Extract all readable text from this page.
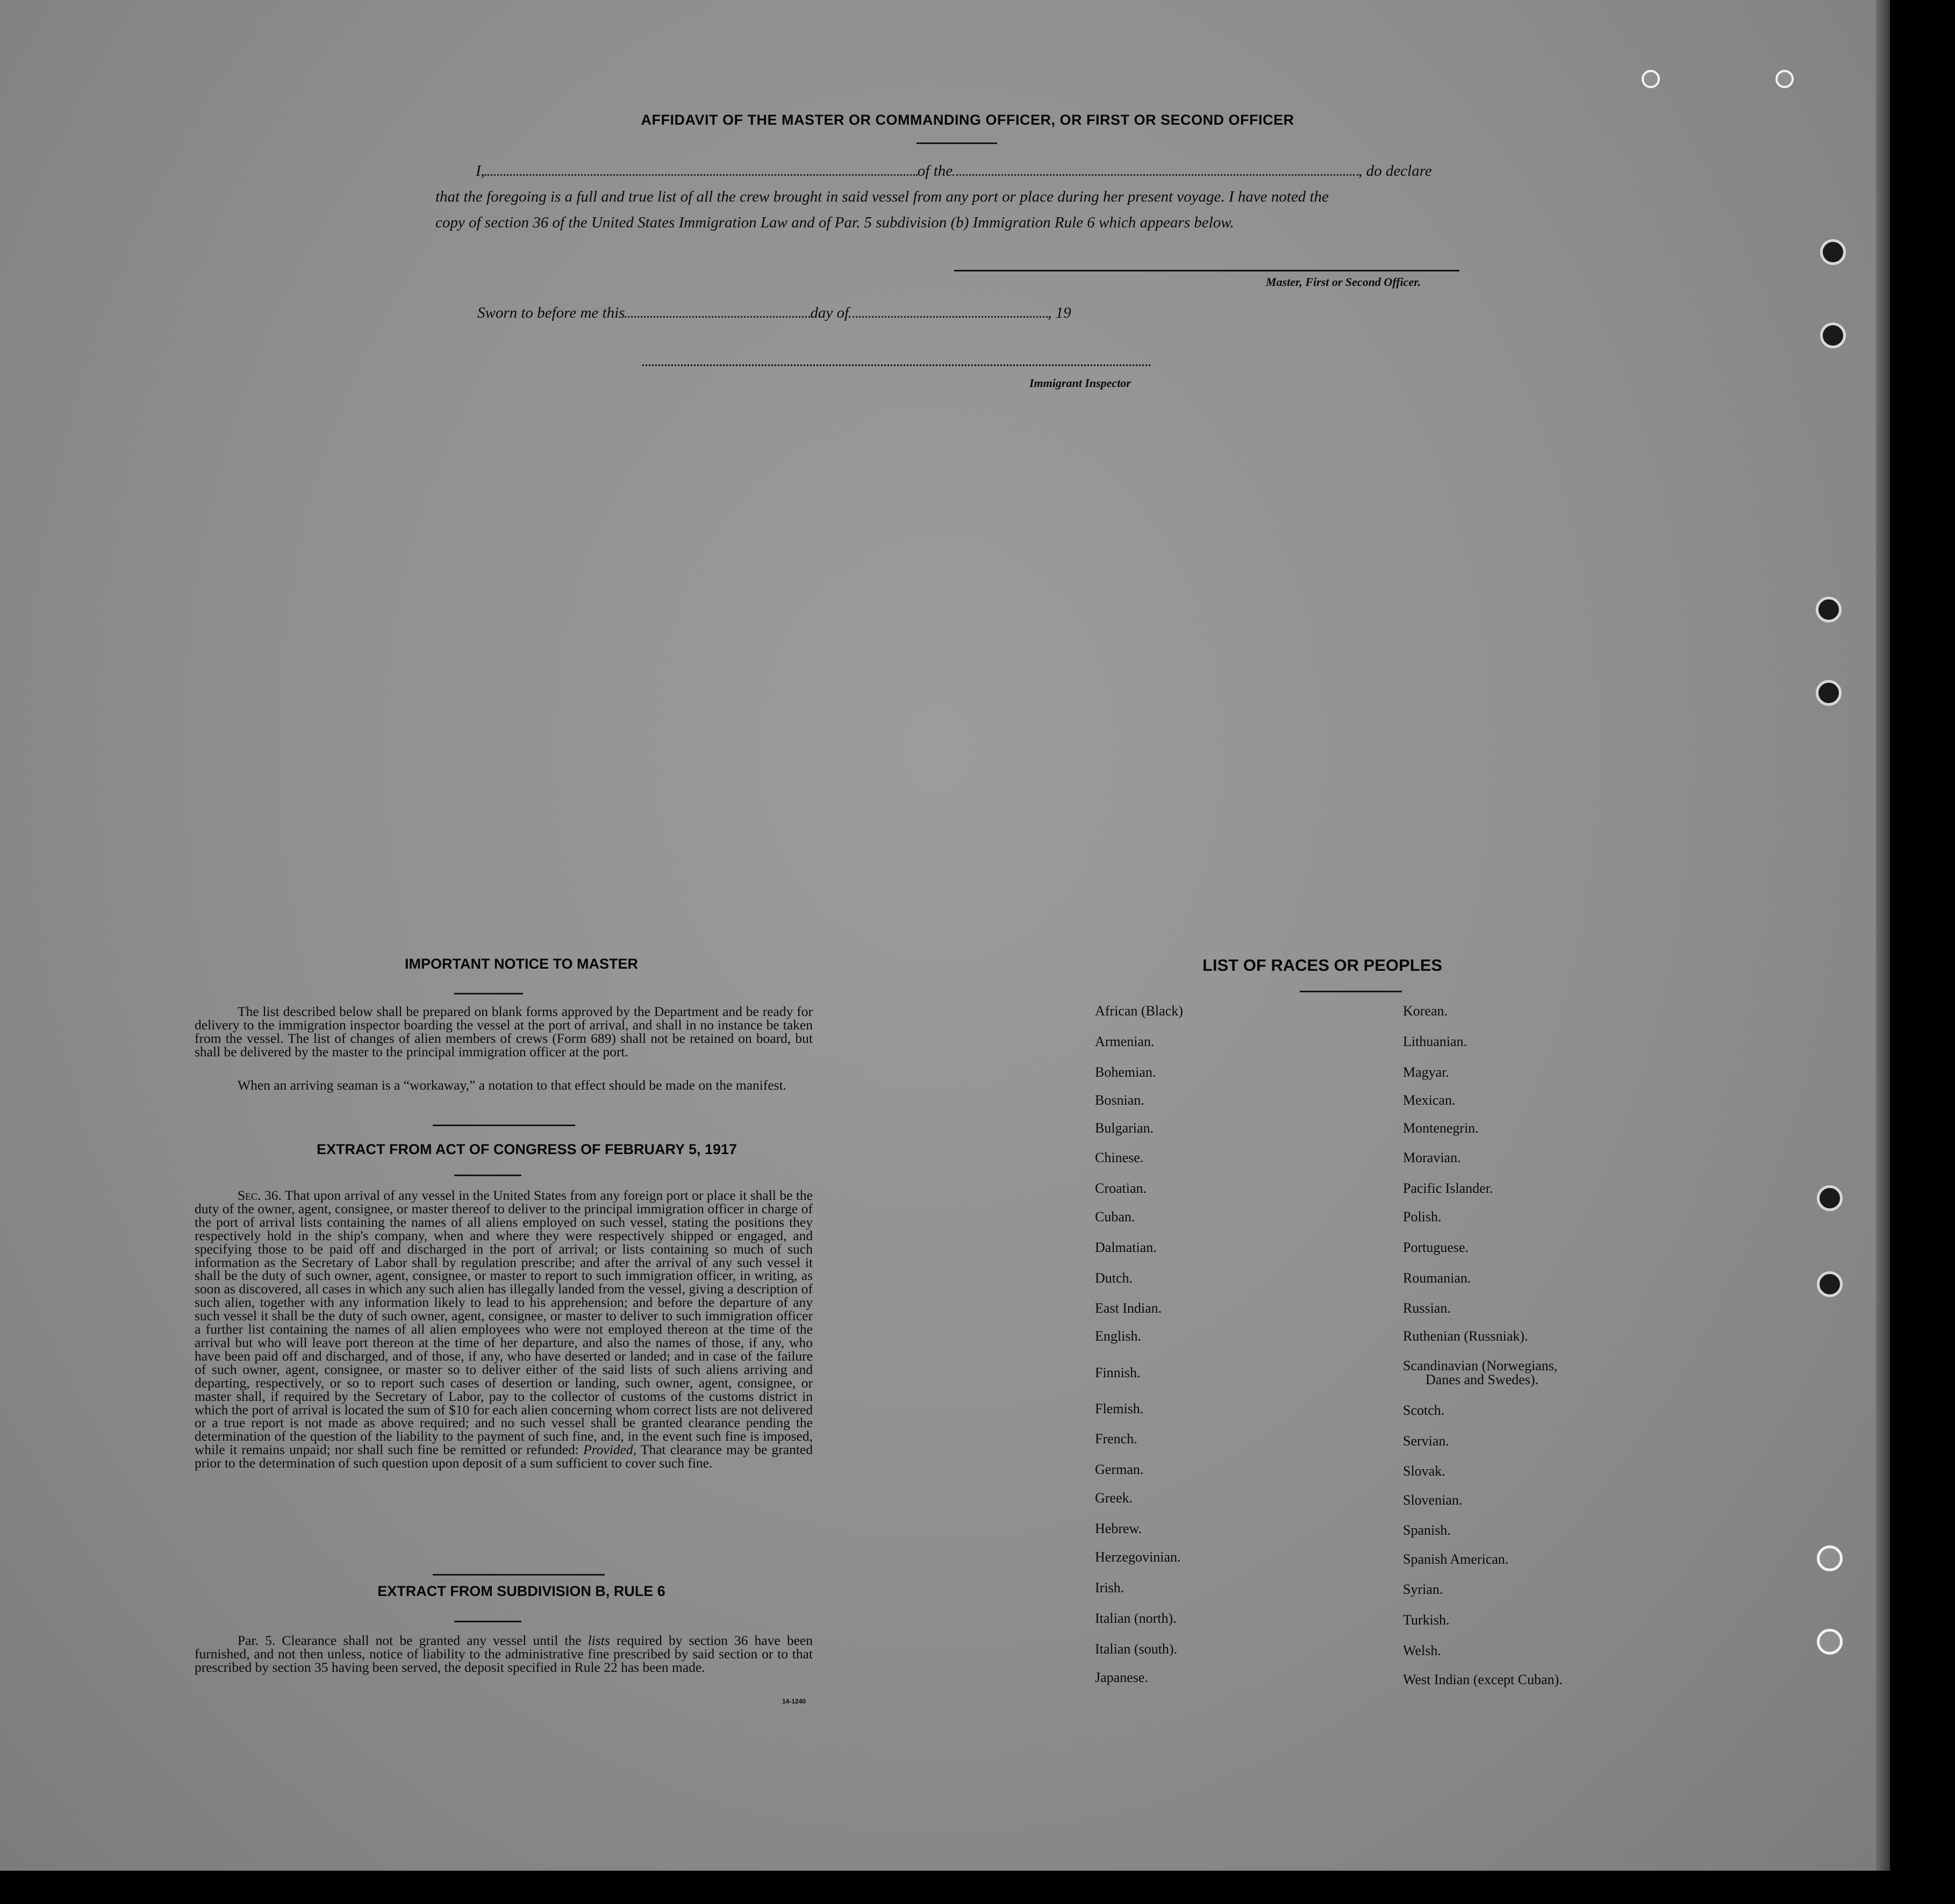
AFFIDAVIT OF THE MASTER OR COMMANDING OFFICER, OR FIRST OR SECOND OFFICER
I,	of the	, do declare
that the foregoing is a full and true list of all the crew brought in said vessel from any port or place during her present voyage. I have noted the
copy of section 36 of the United States Immigration Law and of Par. 5 subdivision (b) Immigration Rule 6 which appears below.
Master, First or Second Officer.
Sworn to before me this	day of	, 19
Immigrant Inspector
IMPORTANT NOTICE TO MASTER

The list described below shall be prepared on blank forms approved by the Department and be ready for delivery to the immigration inspector boarding the vessel at the port of arrival, and shall in no instance be taken from the vessel. The list of changes of alien members of crews (Form 689) shall not be retained on board, but shall be delivered by the master to the principal immigration officer at the port.

When an arriving seaman is a “workaway,” a notation to that effect should be made on the manifest.

EXTRACT FROM ACT OF CONGRESS OF FEBRUARY 5, 1917

Sec. 36. That upon arrival of any vessel in the United States from any foreign port or place it shall be the duty of the owner, agent, consignee, or master thereof to deliver to the principal immigration officer in charge of the port of arrival lists containing the names of all aliens employed on such vessel, stating the positions they respectively hold in the ship's company, when and where they were respectively shipped or engaged, and specifying those to be paid off and discharged in the port of arrival; or lists containing so much of such information as the Secretary of Labor shall by regulation prescribe; and after the arrival of any such vessel it shall be the duty of such owner, agent, consignee, or master to report to such immigration officer, in writing, as soon as discovered, all cases in which any such alien has illegally landed from the vessel, giving a description of such alien, together with any information likely to lead to his apprehension; and before the departure of any such vessel it shall be the duty of such owner, agent, consignee, or master to deliver to such immigration officer a further list containing the names of all alien employees who were not employed thereon at the time of the arrival but who will leave port thereon at the time of her departure, and also the names of those, if any, who have been paid off and discharged, and of those, if any, who have deserted or landed; and in case of the failure of such owner, agent, consignee, or master so to deliver either of the said lists of such aliens arriving and departing, respectively, or so to report such cases of desertion or landing, such owner, agent, consignee, or master shall, if required by the Secretary of Labor, pay to the collector of customs of the customs district in which the port of arrival is located the sum of $10 for each alien concerning whom correct lists are not delivered or a true report is not made as above required; and no such vessel shall be granted clearance pending the determination of the question of the liability to the payment of such fine, and, in the event such fine is imposed, while it remains unpaid; nor shall such fine be remitted or refunded: Provided, That clearance may be granted prior to the determination of such question upon deposit of a sum sufficient to cover such fine.

EXTRACT FROM SUBDIVISION B, RULE 6

Par. 5. Clearance shall not be granted any vessel until the lists required by section 36 have been furnished, and not then unless, notice of liability to the administrative fine prescribed by said section or to that prescribed by section 35 having been served, the deposit specified in Rule 22 has been made.

14-1240
LIST OF RACES OR PEOPLES
African (Black)
Armenian.
Bohemian.
Bosnian.
Bulgarian.
Chinese.
Croatian.
Cuban.
Dalmatian.
Dutch.
East Indian.
English.
Finnish.
Flemish.
French.
German.
Greek.
Hebrew.
Herzegovinian.
Irish.
Italian (north).
Italian (south).
Japanese.
Korean.
Lithuanian.
Magyar.
Mexican.
Montenegrin.
Moravian.
Pacific Islander.
Polish.
Portuguese.
Roumanian.
Russian.
Ruthenian (Russniak).
Scandinavian (Norwegians,
Danes and Swedes).
Scotch.
Servian.
Slovak.
Slovenian.
Spanish.
Spanish American.
Syrian.
Turkish.
Welsh.
West Indian (except Cuban).
